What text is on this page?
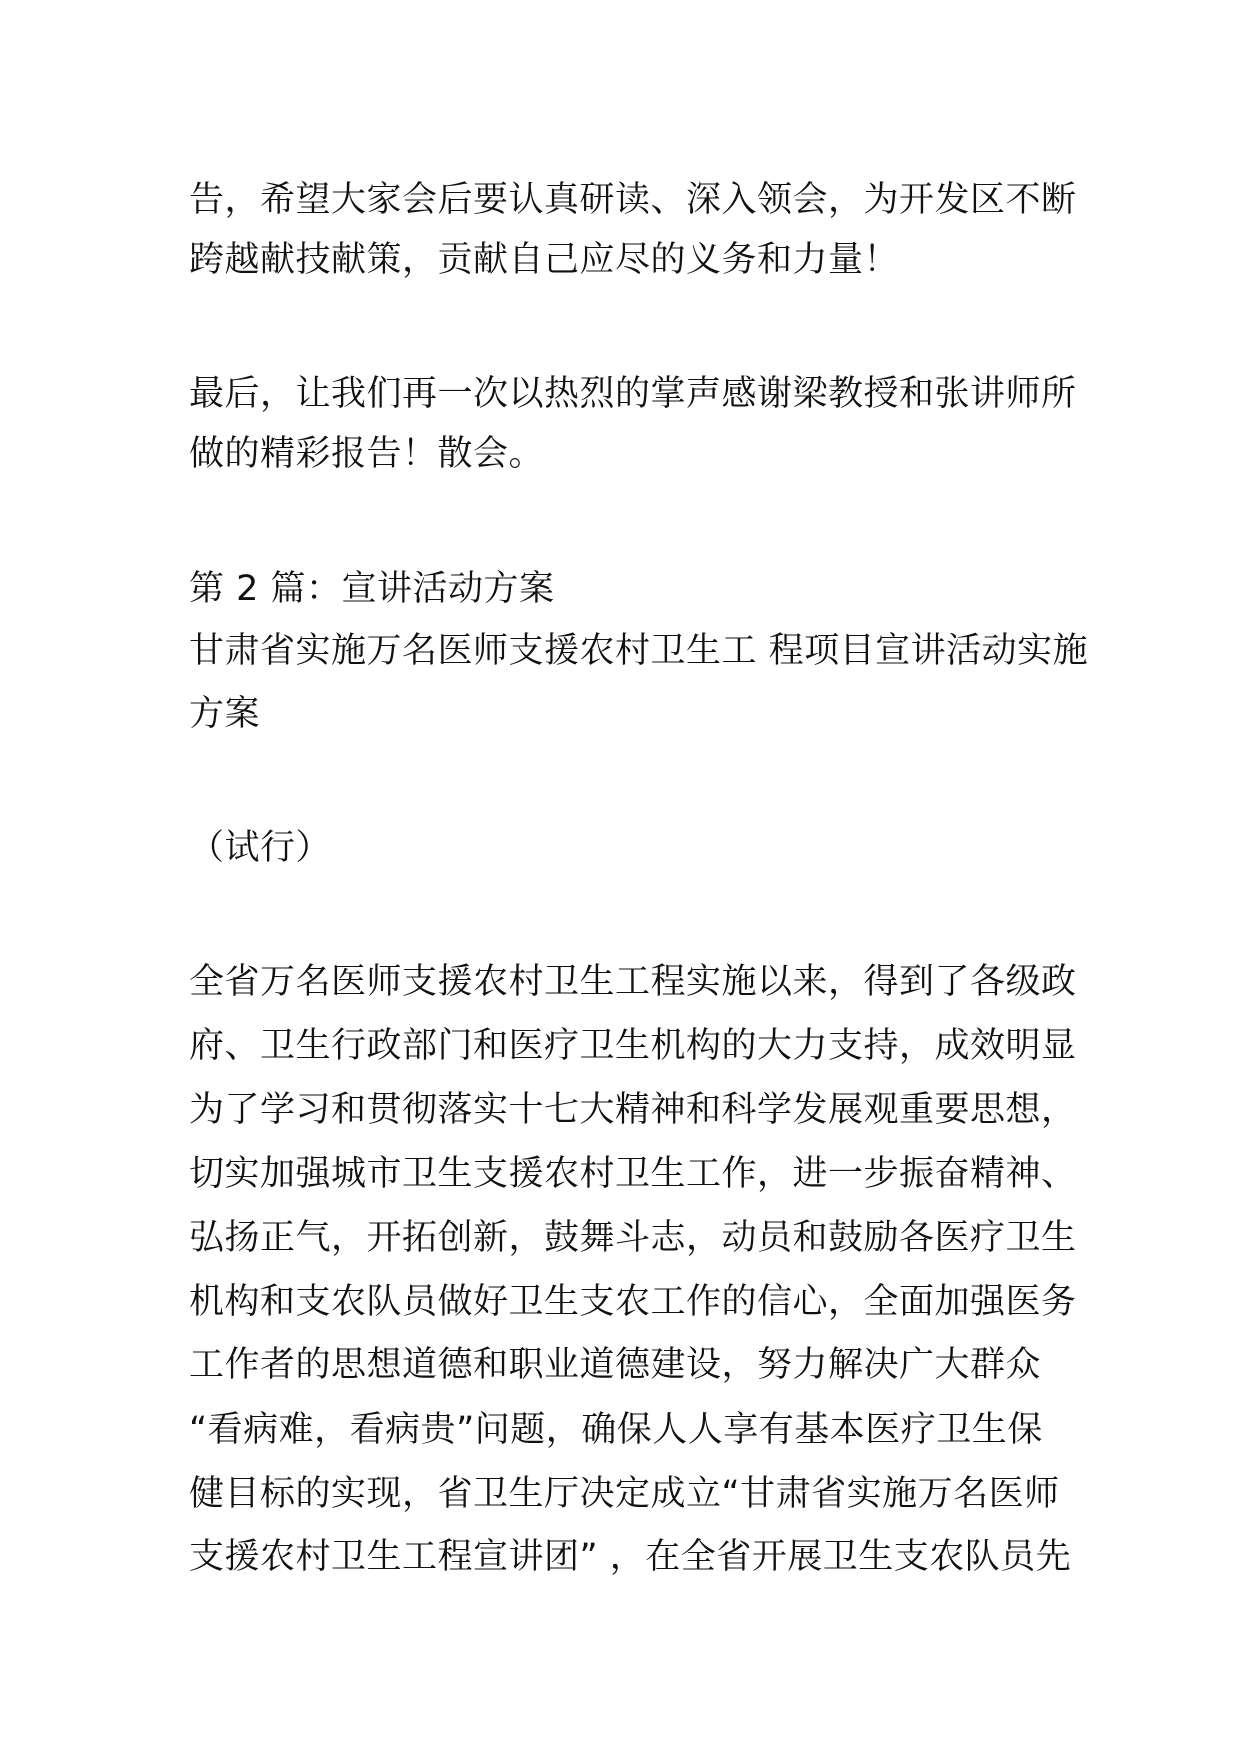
告，希望大家会后要认真研读、深入领会，为开发区不断
跨越献技献策，贡献自己应尽的义务和力量！
最后，让我们再一次以热烈的掌声感谢梁教授和张讲师所
做的精彩报告！散会。
第 2 篇：宣讲活动方案
甘肃省实施万名医师支援农村卫生工 程项目宣讲活动实施
方案
（试行）
全省万名医师支援农村卫生工程实施以来，得到了各级政
府、卫生行政部门和医疗卫生机构的大力支持，成效明显
为了学习和贯彻落实十七大精神和科学发展观重要思想，
切实加强城市卫生支援农村卫生工作，进一步振奋精神、
弘扬正气，开拓创新，鼓舞斗志，动员和鼓励各医疗卫生
机构和支农队员做好卫生支农工作的信心，全面加强医务
工作者的思想道德和职业道德建设，努力解决广大群众
“看病难，看病贵”问题，确保人人享有基本医疗卫生保
健目标的实现，省卫生厅决定成立“甘肃省实施万名医师
支援农村卫生工程宣讲团” ，在全省开展卫生支农队员先
